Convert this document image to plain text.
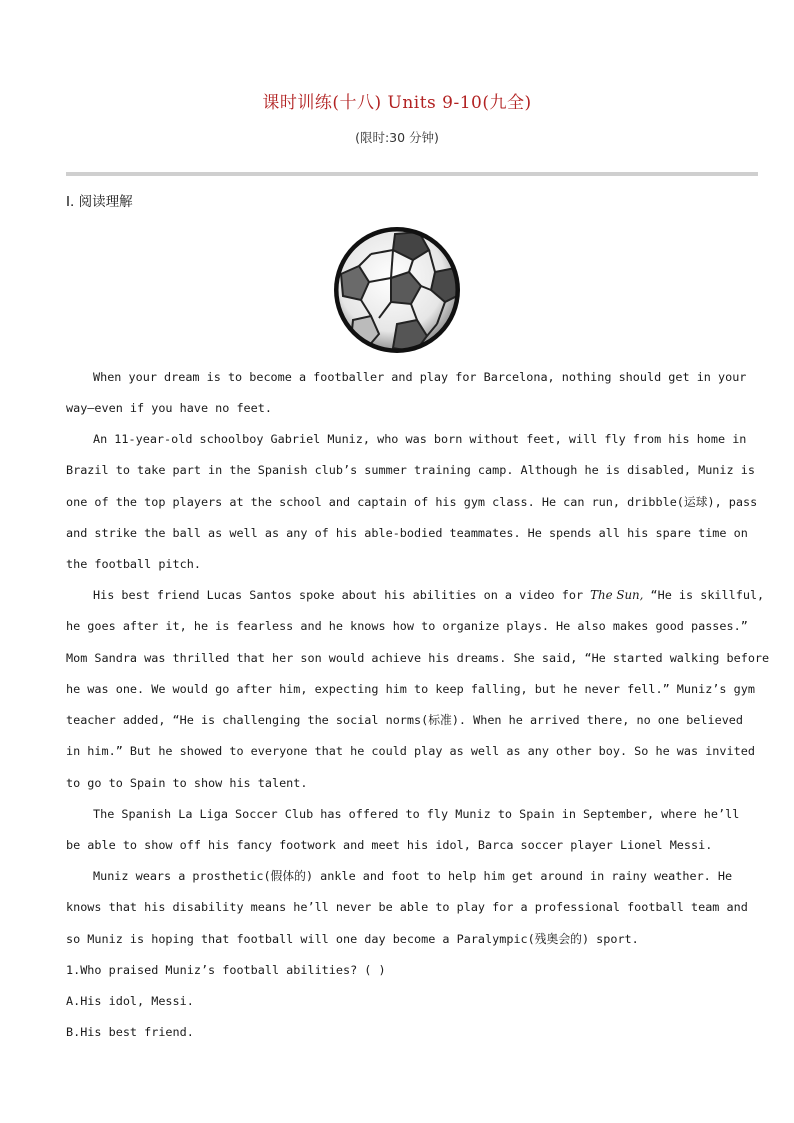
课时训练(十八) Units 9-10(九全)
(限时:30 分钟)
Ⅰ. 阅读理解
When your dream is to become a footballer and play for Barcelona, nothing should get in your
way—even if you have no feet.
An 11-year-old schoolboy Gabriel Muniz, who was born without feet, will fly from his home in
Brazil to take part in the Spanish club’s summer training camp. Although he is disabled, Muniz is
one of the top players at the school and captain of his gym class. He can run, dribble(运球), pass
and strike the ball as well as any of his able-bodied teammates. He spends all his spare time on
the football pitch.
His best friend Lucas Santos spoke about his abilities on a video for The Sun, “He is skillful,
he goes after it, he is fearless and he knows how to organize plays. He also makes good passes.”
Mom Sandra was thrilled that her son would achieve his dreams. She said, “He started walking before
he was one. We would go after him, expecting him to keep falling, but he never fell.” Muniz’s gym
teacher added, “He is challenging the social norms(标准). When he arrived there, no one believed
in him.” But he showed to everyone that he could play as well as any other boy. So he was invited
to go to Spain to show his talent.
The Spanish La Liga Soccer Club has offered to fly Muniz to Spain in September, where he’ll
be able to show off his fancy footwork and meet his idol, Barca soccer player Lionel Messi.
Muniz wears a prosthetic(假体的) ankle and foot to help him get around in rainy weather. He
knows that his disability means he’ll never be able to play for a professional football team and
so Muniz is hoping that football will one day become a Paralympic(残奥会的) sport.
1.Who praised Muniz’s football abilities? ( )
A.His idol, Messi.
B.His best friend.
